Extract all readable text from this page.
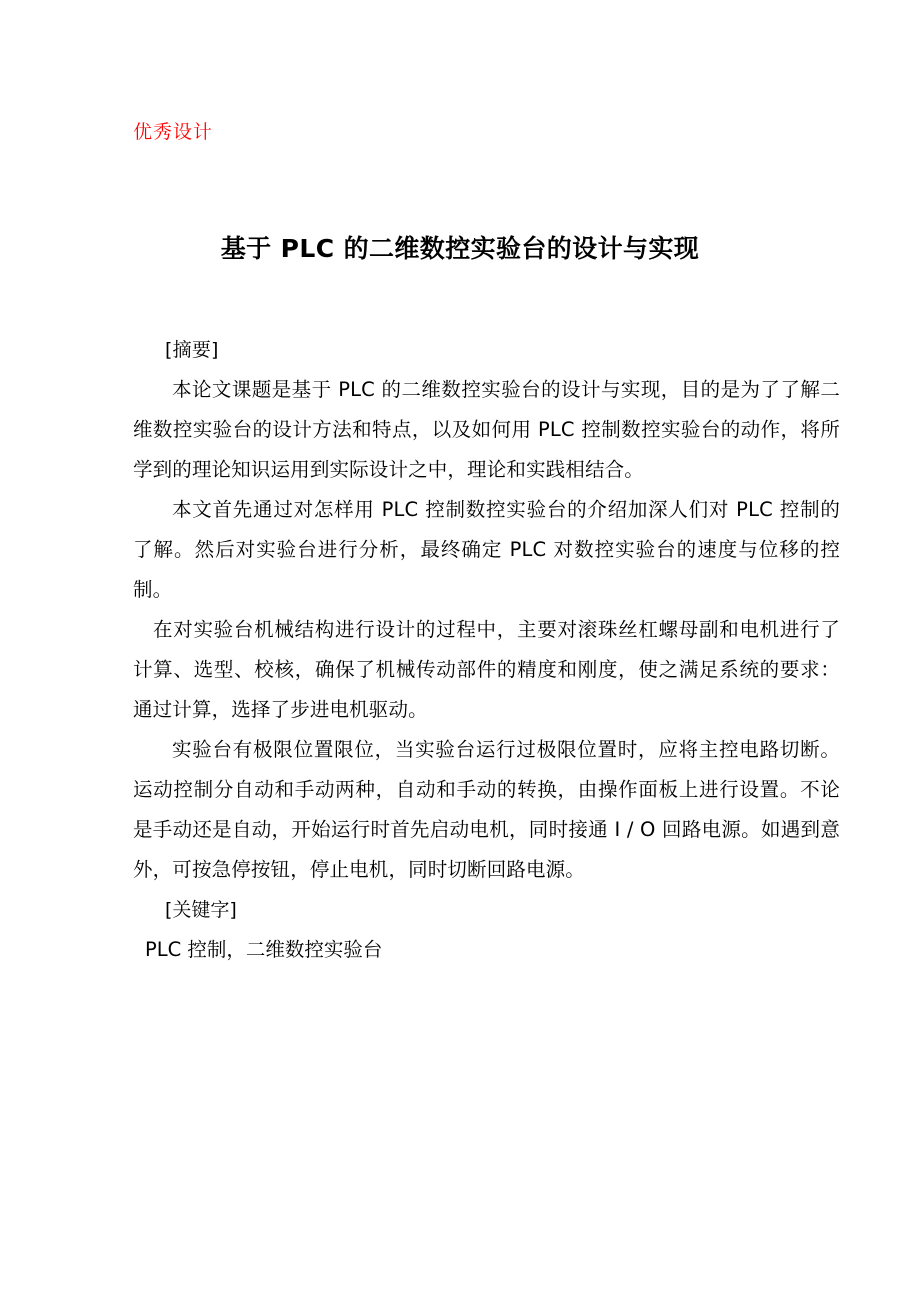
优秀设计
基于 PLC 的二维数控实验台的设计与实现
[摘要]

本论文课题是基于 PLC 的二维数控实验台的设计与实现，目的是为了了解二维数控实验台的设计方法和特点，以及如何用 PLC 控制数控实验台的动作，将所学到的理论知识运用到实际设计之中，理论和实践相结合。

本文首先通过对怎样用 PLC 控制数控实验台的介绍加深人们对 PLC 控制的了解。然后对实验台进行分析，最终确定 PLC 对数控实验台的速度与位移的控制。

在对实验台机械结构进行设计的过程中，主要对滚珠丝杠螺母副和电机进行了计算、选型、校核，确保了机械传动部件的精度和刚度，使之满足系统的要求：通过计算，选择了步进电机驱动。

实验台有极限位置限位，当实验台运行过极限位置时，应将主控电路切断。运动控制分自动和手动两种，自动和手动的转换，由操作面板上进行设置。不论是手动还是自动，开始运行时首先启动电机，同时接通 I / O 回路电源。如遇到意外，可按急停按钮，停止电机，同时切断回路电源。

[关键字]
PLC 控制，二维数控实验台
